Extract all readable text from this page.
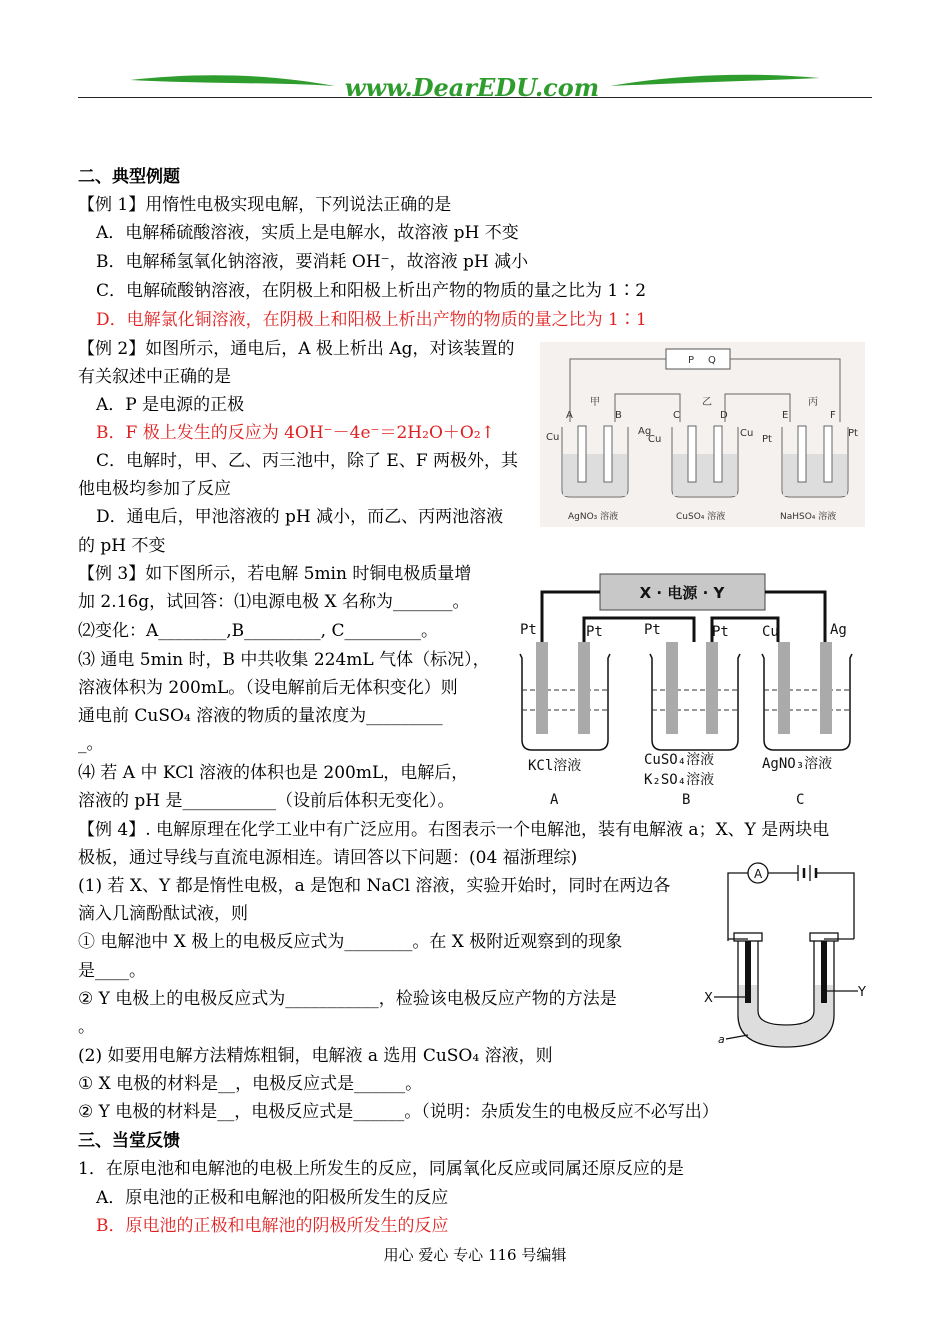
www.DearEDU.com
二、典型例题
【例 1】用惰性电极实现电解，下列说法正确的是
A．电解稀硫酸溶液，实质上是电解水，故溶液 pH 不变
B．电解稀氢氧化钠溶液，要消耗 OH⁻，故溶液 pH 减小
C．电解硫酸钠溶液，在阴极上和阳极上析出产物的物质的量之比为 1∶2
D．电解氯化铜溶液，在阴极上和阳极上析出产物的物质的量之比为 1∶1
【例 2】如图所示，通电后，A 极上析出 Ag，对该装置的
有关叙述中正确的是
A．P 是电源的正极
B．F 极上发生的反应为 4OH⁻－4e⁻＝2H₂O＋O₂↑
C．电解时，甲、乙、丙三池中，除了 E、F 两极外，其
他电极均参加了反应
D．通电后，甲池溶液的 pH 减小，而乙、丙两池溶液
的 pH 不变
P Q
甲	乙	丙
A	B	C	D	E	F
Cu
Ag
Cu
Cu
Pt
Pt
AgNO₃ 溶液	CuSO₄ 溶液	NaHSO₄ 溶液
【例 3】如下图所示，若电解 5min 时铜电极质量增
加 2.16g，试回答：⑴电源电极 X 名称为_______。
⑵变化：A________,B_________, C_________。
⑶ 通电 5min 时，B 中共收集 224mL 气体（标况），
溶液体积为 200mL。（设电解前后无体积变化）则
通电前 CuSO₄ 溶液的物质的量浓度为_________
_。
⑷ 若 A 中 KCl 溶液的体积也是 200mL，电解后，
溶液的 pH 是___________（设前后体积无变化）。
X · 电源 · Y
Pt	Pt	Pt	Pt Cu	Ag
KCl溶液	CuSO₄溶液
K₂SO₄溶液
AgNO₃溶液
A	B	C
【例 4】. 电解原理在化学工业中有广泛应用。右图表示一个电解池，装有电解液 a；X、Y 是两块电
极板，通过导线与直流电源相连。请回答以下问题：(04 福浙理综)
(1) 若 X、Y 都是惰性电极，a 是饱和 NaCl 溶液，实验开始时，同时在两边各
滴入几滴酚酞试液，则
① 电解池中 X 极上的电极反应式为________。在 X 极附近观察到的现象
是____。
② Y 电极上的电极反应式为___________，检验该电极反应产物的方法是
。
(2) 如要用电解方法精炼粗铜，电解液 a 选用 CuSO₄ 溶液，则
① X 电极的材料是__，电极反应式是______。
② Y 电极的材料是__，电极反应式是______。（说明：杂质发生的电极反应不必写出）
A
X	Y
a
三、当堂反馈
1．在原电池和电解池的电极上所发生的反应，同属氧化反应或同属还原反应的是
A．原电池的正极和电解池的阳极所发生的反应
B．原电池的正极和电解池的阴极所发生的反应
用心 爱心 专心 116 号编辑
